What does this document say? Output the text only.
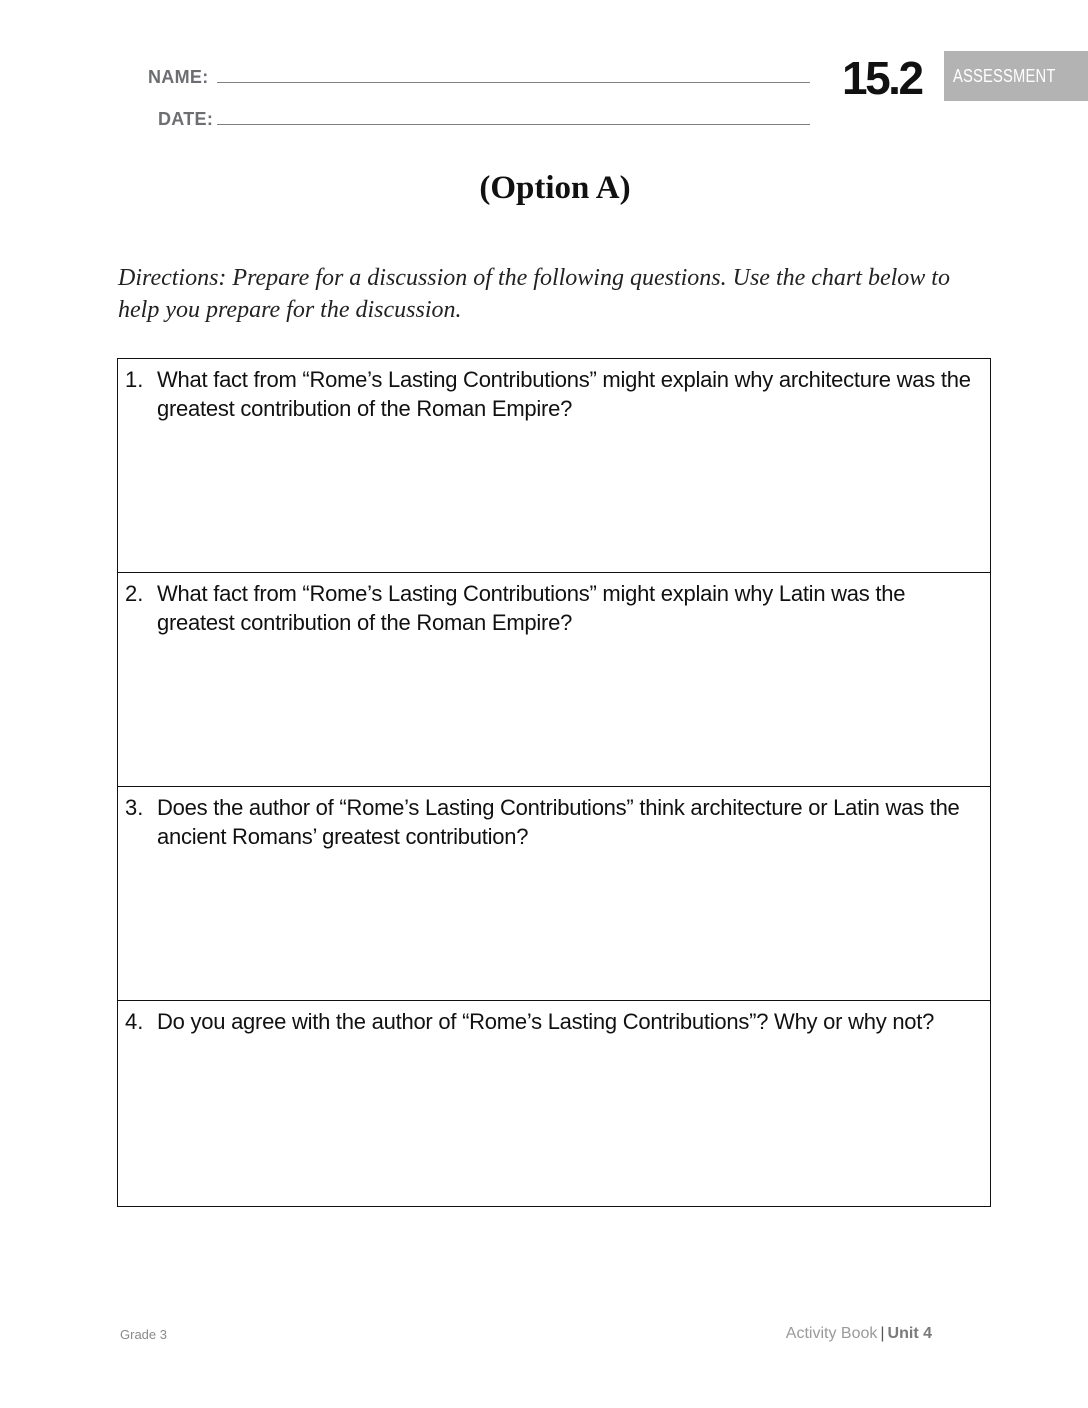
NAME:
DATE:
15.2 ASSESSMENT
(Option A)
Directions: Prepare for a discussion of the following questions. Use the chart below to help you prepare for the discussion.
1. What fact from “Rome’s Lasting Contributions” might explain why architecture was the greatest contribution of the Roman Empire?
2. What fact from “Rome’s Lasting Contributions” might explain why Latin was the greatest contribution of the Roman Empire?
3. Does the author of “Rome’s Lasting Contributions” think architecture or Latin was the ancient Romans’ greatest contribution?
4. Do you agree with the author of “Rome’s Lasting Contributions”? Why or why not?
Grade 3	Activity Book | Unit 4
